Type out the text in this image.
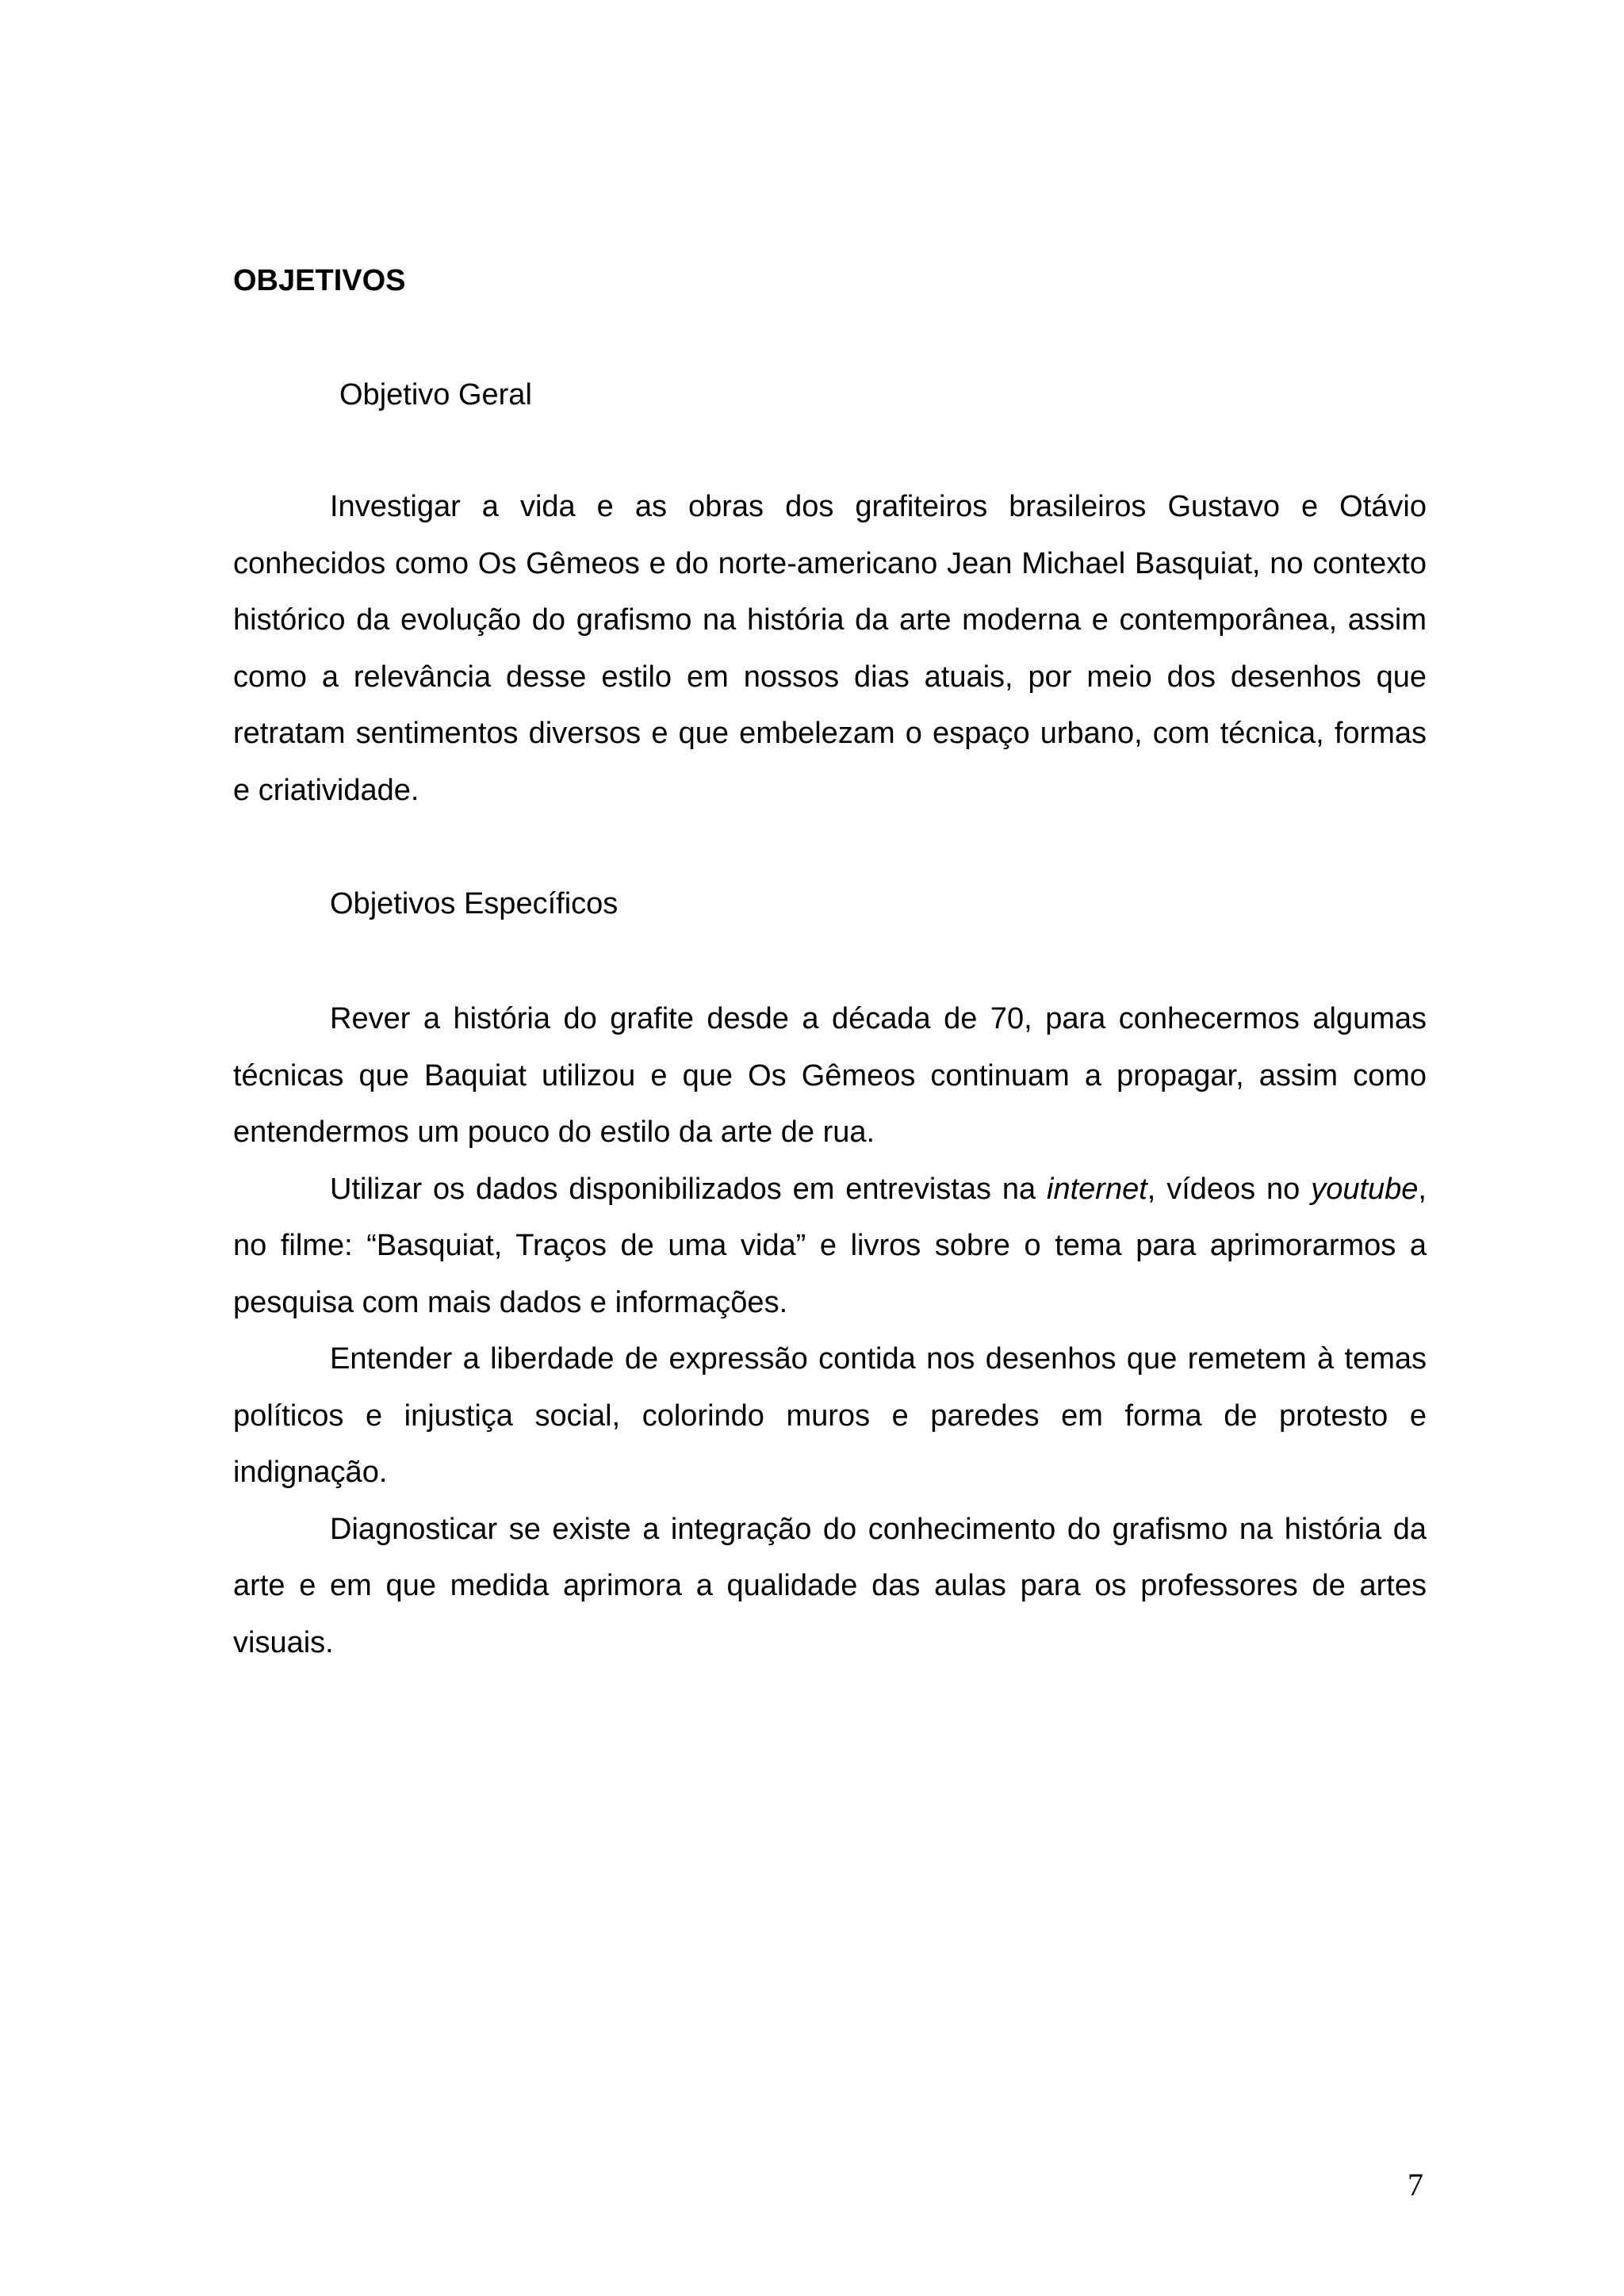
OBJETIVOS
Objetivo Geral

Investigar a vida e as obras dos grafiteiros brasileiros Gustavo e Otávio conhecidos como Os Gêmeos e do norte-americano Jean Michael Basquiat, no contexto histórico da evolução do grafismo na história da arte moderna e contemporânea, assim como a relevância desse estilo em nossos dias atuais, por meio dos desenhos que retratam sentimentos diversos e que embelezam o espaço urbano, com técnica, formas e criatividade.

Objetivos Específicos

Rever a história do grafite desde a década de 70, para conhecermos algumas técnicas que Baquiat utilizou e que Os Gêmeos continuam a propagar, assim como entendermos um pouco do estilo da arte de rua.

Utilizar os dados disponibilizados em entrevistas na internet, vídeos no youtube, no filme: “Basquiat, Traços de uma vida” e livros sobre o tema para aprimorarmos a pesquisa com mais dados e informações.

Entender a liberdade de expressão contida nos desenhos que remetem à temas políticos e injustiça social, colorindo muros e paredes em forma de protesto e indignação.

Diagnosticar se existe a integração do conhecimento do grafismo na história da arte e em que medida aprimora a qualidade das aulas para os professores de artes visuais.

7
